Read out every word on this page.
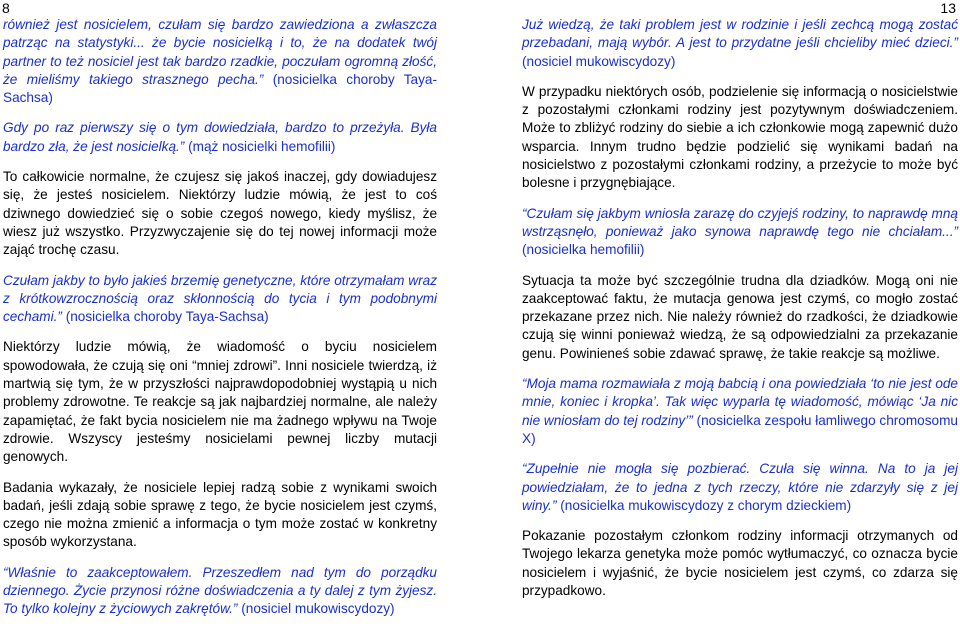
8	13

również jest nosicielem, czułam się bardzo zawiedziona a zwłaszcza patrząc na statystyki... że bycie nosicielką i to, że na dodatek twój partner to też nosiciel jest tak bardzo rzadkie, poczułam ogromną złość, że mieliśmy takiego strasznego pecha.” (nosicielka choroby Taya-Sachsa)

Gdy po raz pierwszy się o tym dowiedziała, bardzo to przeżyła. Była bardzo zła, że jest nosicielką.” (mąż nosicielki hemofilii)

To całkowicie normalne, że czujesz się jakoś inaczej, gdy dowiadujesz się, że jesteś nosicielem. Niektórzy ludzie mówią, że jest to coś dziwnego dowiedzieć się o sobie czegoś nowego, kiedy myślisz, że wiesz już wszystko. Przyzwyczajenie się do tej nowej informacji może zająć trochę czasu.

Czułam jakby to było jakieś brzemię genetyczne, które otrzymałam wraz z krótkowzrocznością oraz skłonnością do tycia i tym podobnymi cechami.” (nosicielka choroby Taya-Sachsa)

Niektórzy ludzie mówią, że wiadomość o byciu nosicielem spowodowała, że czują się oni “mniej zdrowi”. Inni nosiciele twierdzą, iż martwią się tym, że w przyszłości najprawdopodobniej wystąpią u nich problemy zdrowotne. Te reakcje są jak najbardziej normalne, ale należy zapamiętać, że fakt bycia nosicielem nie ma żadnego wpływu na Twoje zdrowie. Wszyscy jesteśmy nosicielami pewnej liczby mutacji genowych.

Badania wykazały, że nosiciele lepiej radzą sobie z wynikami swoich badań, jeśli zdają sobie sprawę z tego, że bycie nosicielem jest czymś, czego nie można zmienić a informacja o tym może zostać w konkretny sposób wykorzystana.

“Właśnie to zaakceptowałem. Przeszedłem nad tym do porządku dziennego. Życie przynosi różne doświadczenia a ty dalej z tym żyjesz. To tylko kolejny z życiowych zakrętów.” (nosiciel mukowiscydozy)

Już wiedzą, że taki problem jest w rodzinie i jeśli zechcą mogą zostać przebadani, mają wybór. A jest to przydatne jeśli chcieliby mieć dzieci.” (nosiciel mukowiscydozy)

W przypadku niektórych osób, podzielenie się informacją o nosicielstwie z pozostałymi członkami rodziny jest pozytywnym doświadczeniem. Może to zbliżyć rodziny do siebie a ich członkowie mogą zapewnić dużo wsparcia. Innym trudno będzie podzielić się wynikami badań na nosicielstwo z pozostałymi członkami rodziny, a przeżycie to może być bolesne i przygnębiające.

“Czułam się jakbym wniosła zarazę do czyjejś rodziny, to naprawdę mną wstrząsnęło, ponieważ jako synowa naprawdę tego nie chciałam...” (nosicielka hemofilii)

Sytuacja ta może być szczególnie trudna dla dziadków. Mogą oni nie zaakceptować faktu, że mutacja genowa jest czymś, co mogło zostać przekazane przez nich. Nie należy również do rzadkości, że dziadkowie czują się winni ponieważ wiedzą, że są odpowiedzialni za przekazanie genu. Powinieneś sobie zdawać sprawę, że takie reakcje są możliwe.

“Moja mama rozmawiała z moją babcią i ona powiedziała ‘to nie jest ode mnie, koniec i kropka’. Tak więc wyparła tę wiadomość, mówiąc ‘Ja nic nie wniosłam do tej rodziny’” (nosicielka zespołu łamliwego chromosomu X)

“Zupełnie nie mogła się pozbierać. Czuła się winna. Na to ja jej powiedziałam, że to jedna z tych rzeczy, które nie zdarzyły się z jej winy.” (nosicielka mukowiscydozy z chorym dzieckiem)

Pokazanie pozostałym członkom rodziny informacji otrzymanych od Twojego lekarza genetyka może pomóc wytłumaczyć, co oznacza bycie nosicielem i wyjaśnić, że bycie nosicielem jest czymś, co zdarza się przypadkowo.
